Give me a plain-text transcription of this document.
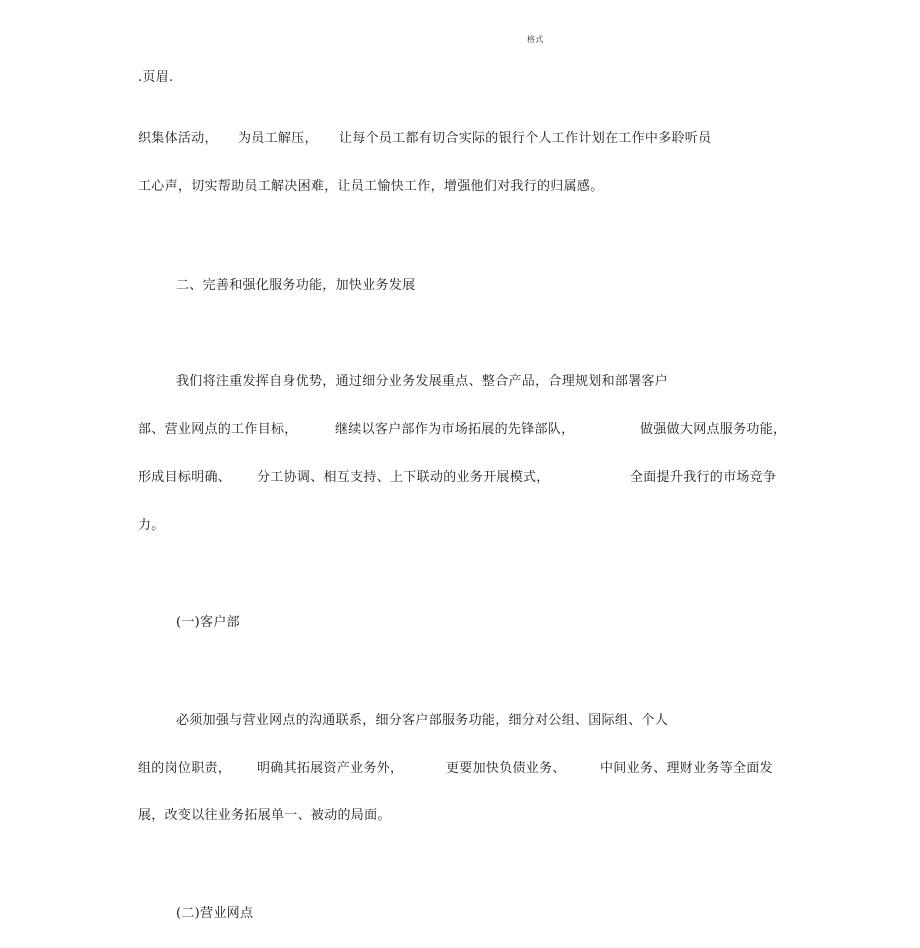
格式
.页眉.
织集体活动， 为员工解压， 让每个员工都有切合实际的银行个人工作计划在工作中多聆听员
工心声，切实帮助员工解决困难，让员工愉快工作，增强他们对我行的归属感。
二、完善和强化服务功能，加快业务发展
我们将注重发挥自身优势，通过细分业务发展重点、整合产品，合理规划和部署客户
部、营业网点的工作目标，	继续以客户部作为市场拓展的先锋部队，	做强做大网点服务功能，
形成目标明确、 分工协调、相互支持、上下联动的业务开展模式，	全面提升我行的市场竞争
力。
(一)客户部
必须加强与营业网点的沟通联系，细分客户部服务功能，细分对公组、国际组、个人
组的岗位职责， 明确其拓展资产业务外，	更要加快负债业务、	中间业务、理财业务等全面发
展，改变以往业务拓展单一、被动的局面。
(二)营业网点
